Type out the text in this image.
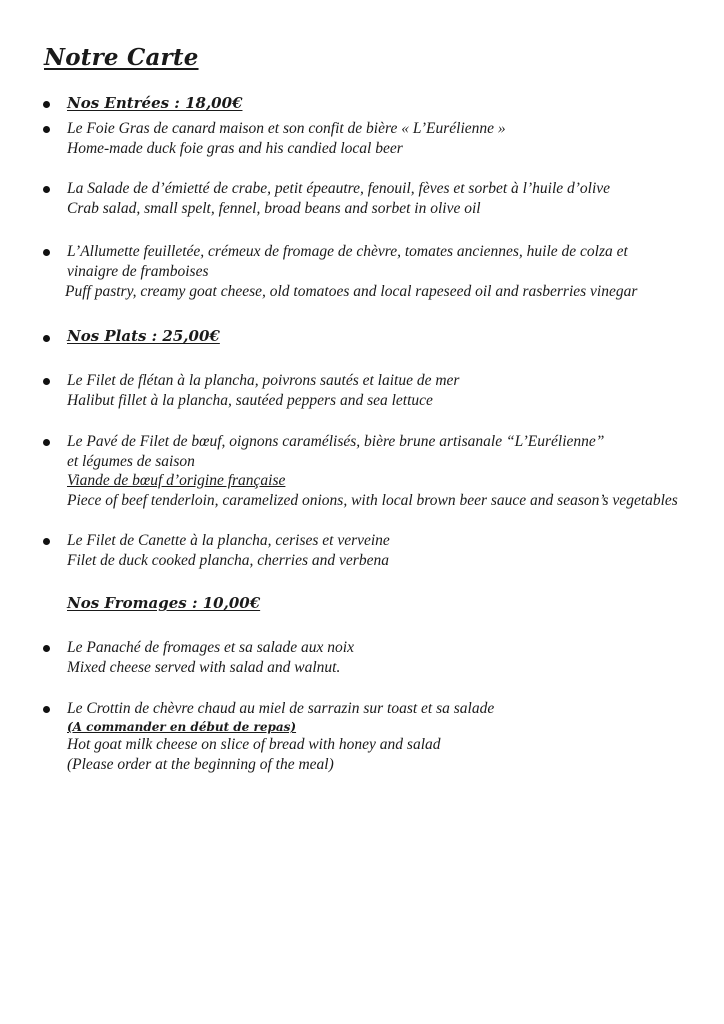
Notre Carte
Nos Entrées : 18,00€
Le Foie Gras de canard maison et son confit de bière « L’Eurélienne »
Home-made duck foie gras and his candied local beer
La Salade de d’émietté de crabe, petit épeautre, fenouil, fèves et sorbet à l’huile d’olive
Crab salad, small spelt, fennel, broad beans and sorbet in olive oil
L’Allumette feuilletée, crémeux de fromage de chèvre, tomates anciennes, huile de colza et
vinaigre de framboises
Puff pastry, creamy goat cheese, old tomatoes and local rapeseed oil and rasberries vinegar
Nos Plats : 25,00€
Le Filet de flétan à la plancha, poivrons sautés et laitue de mer
Halibut fillet à la plancha, sautéed peppers and sea lettuce
Le Pavé de Filet de bœuf, oignons caramélisés, bière brune artisanale “L’Eurélienne”
et légumes de saison
Viande de bœuf d’origine française
Piece of beef tenderloin, caramelized onions, with local brown beer sauce and season’s vegetables
Le Filet de Canette à la plancha, cerises et verveine
Filet de duck cooked plancha, cherries and verbena
Nos Fromages : 10,00€
Le Panaché de fromages et sa salade aux noix
Mixed cheese served with salad and walnut.
Le Crottin de chèvre chaud au miel de sarrazin sur toast et sa salade
(A commander en début de repas)
Hot goat milk cheese on slice of bread with honey and salad
(Please order at the beginning of the meal)
